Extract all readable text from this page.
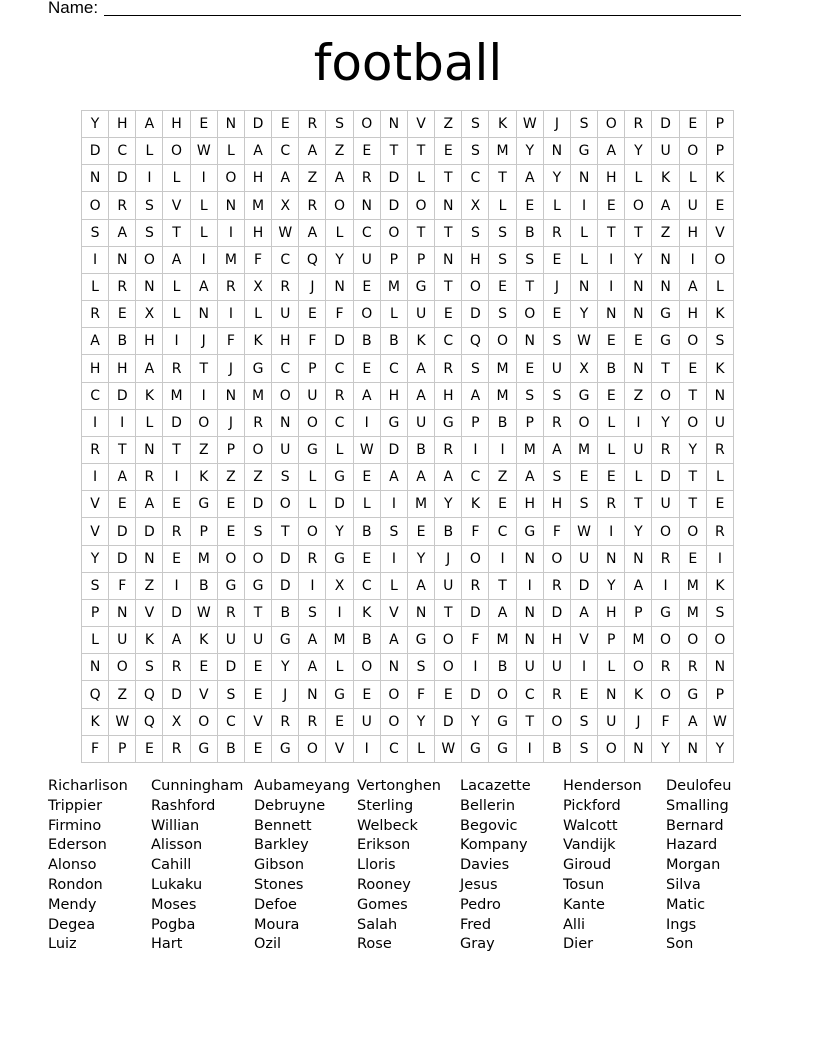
Name:
football
Y	H	A	H	E	N	D	E	R	S	O	N	V	Z	S	K	W	J	S	O	R	D	E	P
D	C	L	O	W	L	A	C	A	Z	E	T	T	E	S	M	Y	N	G	A	Y	U	O	P
N	D	I	L	I	O	H	A	Z	A	R	D	L	T	C	T	A	Y	N	H	L	K	L	K
O	R	S	V	L	N	M	X	R	O	N	D	O	N	X	L	E	L	I	E	O	A	U	E
S	A	S	T	L	I	H	W	A	L	C	O	T	T	S	S	B	R	L	T	T	Z	H	V
I	N	O	A	I	M	F	C	Q	Y	U	P	P	N	H	S	S	E	L	I	Y	N	I	O
L	R	N	L	A	R	X	R	J	N	E	M	G	T	O	E	T	J	N	I	N	N	A	L
R	E	X	L	N	I	L	U	E	F	O	L	U	E	D	S	O	E	Y	N	N	G	H	K
A	B	H	I	J	F	K	H	F	D	B	B	K	C	Q	O	N	S	W	E	E	G	O	S
H	H	A	R	T	J	G	C	P	C	E	C	A	R	S	M	E	U	X	B	N	T	E	K
C	D	K	M	I	N	M	O	U	R	A	H	A	H	A	M	S	S	G	E	Z	O	T	N
I	I	L	D	O	J	R	N	O	C	I	G	U	G	P	B	P	R	O	L	I	Y	O	U
R	T	N	T	Z	P	O	U	G	L	W	D	B	R	I	I	M	A	M	L	U	R	Y	R
I	A	R	I	K	Z	Z	S	L	G	E	A	A	A	C	Z	A	S	E	E	L	D	T	L
V	E	A	E	G	E	D	O	L	D	L	I	M	Y	K	E	H	H	S	R	T	U	T	E
V	D	D	R	P	E	S	T	O	Y	B	S	E	B	F	C	G	F	W	I	Y	O	O	R
Y	D	N	E	M	O	O	D	R	G	E	I	Y	J	O	I	N	O	U	N	N	R	E	I
S	F	Z	I	B	G	G	D	I	X	C	L	A	U	R	T	I	R	D	Y	A	I	M	K
P	N	V	D	W	R	T	B	S	I	K	V	N	T	D	A	N	D	A	H	P	G	M	S
L	U	K	A	K	U	U	G	A	M	B	A	G	O	F	M	N	H	V	P	M	O	O	O
N	O	S	R	E	D	E	Y	A	L	O	N	S	O	I	B	U	U	I	L	O	R	R	N
Q	Z	Q	D	V	S	E	J	N	G	E	O	F	E	D	O	C	R	E	N	K	O	G	P
K	W	Q	X	O	C	V	R	R	E	U	O	Y	D	Y	G	T	O	S	U	J	F	A	W
F	P	E	R	G	B	E	G	O	V	I	C	L	W	G	G	I	B	S	O	N	Y	N	Y
Richarlison	Cunningham Aubameyang Vertonghen	Lacazette	Henderson	Deulofeu
Trippier	Rashford	Debruyne	Sterling	Bellerin	Pickford	Smalling
Firmino	Willian	Bennett	Welbeck	Begovic	Walcott	Bernard
Ederson	Alisson	Barkley	Erikson	Kompany	Vandijk	Hazard
Alonso	Cahill	Gibson	Lloris	Davies	Giroud	Morgan
Rondon	Lukaku	Stones	Rooney	Jesus	Tosun	Silva
Mendy	Moses	Defoe	Gomes	Pedro	Kante	Matic
Degea	Pogba	Moura	Salah	Fred	Alli	Ings
Luiz	Hart	Ozil	Rose	Gray	Dier	Son
